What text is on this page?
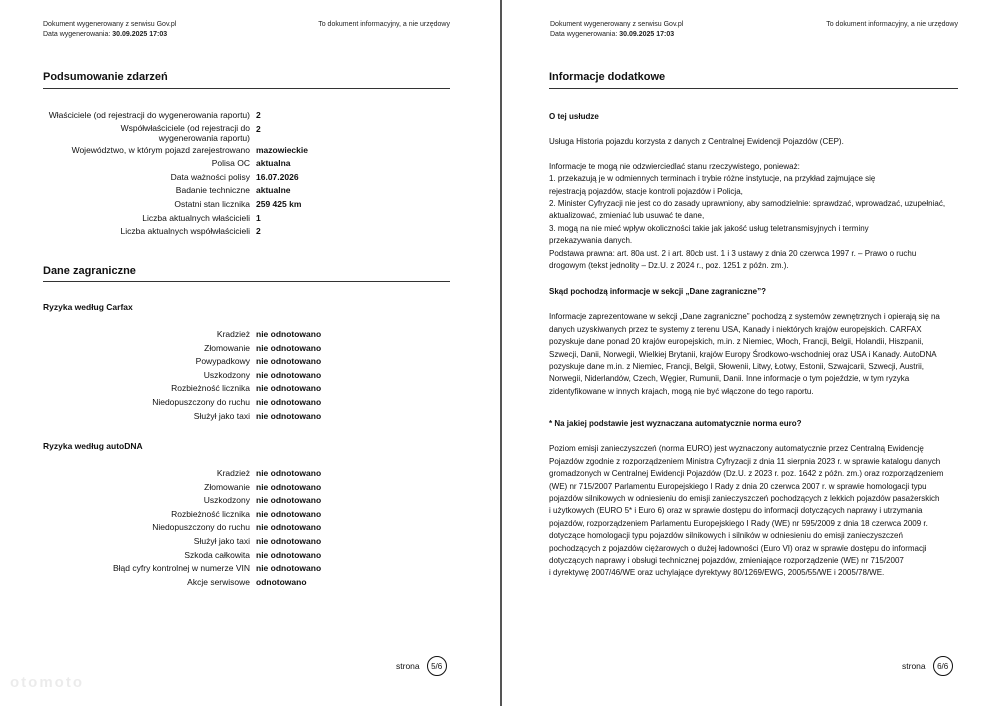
Dokument wygenerowany z serwisu Gov.pl
Data wygenerowania: 30.09.2025 17:03
To dokument informacyjny, a nie urzędowy
Podsumowanie zdarzeń
Właściciele (od rejestracji do wygenerowania raportu) 2
Współwłaściciele (od rejestracji do wygenerowania raportu)
2
Województwo, w którym pojazd zarejestrowano mazowieckie
Polisa OC aktualna
Data ważności polisy 16.07.2026
Badanie techniczne aktualne
Ostatni stan licznika 259 425 km
Liczba aktualnych właścicieli 1
Liczba aktualnych współwłaścicieli 2
Dane zagraniczne
Ryzyka według Carfax
Kradzież nie odnotowano
Złomowanie nie odnotowano
Powypadkowy nie odnotowano
Uszkodzony nie odnotowano
Rozbieżność licznika nie odnotowano
Niedopuszczony do ruchu nie odnotowano
Służył jako taxi nie odnotowano
Ryzyka według autoDNA
Kradzież nie odnotowano
Złomowanie nie odnotowano
Uszkodzony nie odnotowano
Rozbieżność licznika nie odnotowano
Niedopuszczony do ruchu nie odnotowano
Służył jako taxi nie odnotowano
Szkoda całkowita nie odnotowano
Błąd cyfry kontrolnej w numerze VIN nie odnotowano
Akcje serwisowe odnotowano
strona	5/6
otomoto
Dokument wygenerowany z serwisu Gov.pl
Data wygenerowania: 30.09.2025 17:03
To dokument informacyjny, a nie urzędowy
Informacje dodatkowe
strona	6/6

O tej usłudze

Usługa Historia pojazdu korzysta z danych z Centralnej Ewidencji Pojazdów (CEP).

Informacje te mogą nie odzwierciedlać stanu rzeczywistego, ponieważ:

1. przekazują je w odmiennych terminach i trybie różne instytucje, na przykład zajmujące się

rejestracją pojazdów, stacje kontroli pojazdów i Policja,

2. Minister Cyfryzacji nie jest co do zasady uprawniony, aby samodzielnie: sprawdzać, wprowadzać, uzupełniać,

aktualizować, zmieniać lub usuwać te dane,

3. mogą na nie mieć wpływ okoliczności takie jak jakość usług teletransmisyjnych i terminy

przekazywania danych.

Podstawa prawna: art. 80a ust. 2 i art. 80cb ust. 1 i 3 ustawy z dnia 20 czerwca 1997 r. – Prawo o ruchu

drogowym (tekst jednolity – Dz.U. z 2024 r., poz. 1251 z późn. zm.).

Skąd pochodzą informacje w sekcji „Dane zagraniczne”?

Informacje zaprezentowane w sekcji „Dane zagraniczne” pochodzą z systemów zewnętrznych i opierają się na

danych uzyskiwanych przez te systemy z terenu USA, Kanady i niektórych krajów europejskich. CARFAX

pozyskuje dane ponad 20 krajów europejskich, m.in. z Niemiec, Włoch, Francji, Belgii, Holandii, Hiszpanii,

Szwecji, Danii, Norwegii, Wielkiej Brytanii, krajów Europy Środkowo-wschodniej oraz USA i Kanady. AutoDNA

pozyskuje dane m.in. z Niemiec, Francji, Belgii, Słowenii, Litwy, Łotwy, Estonii, Szwajcarii, Szwecji, Austrii,

Norwegii, Niderlandów, Czech, Węgier, Rumunii, Danii. Inne informacje o tym pojeździe, w tym ryzyka

zidentyfikowane w innych krajach, mogą nie być włączone do tego raportu.

* Na jakiej podstawie jest wyznaczana automatycznie norma euro?

Poziom emisji zanieczyszczeń (norma EURO) jest wyznaczony automatycznie przez Centralną Ewidencję

Pojazdów zgodnie z rozporządzeniem Ministra Cyfryzacji z dnia 11 sierpnia 2023 r. w sprawie katalogu danych

gromadzonych w Centralnej Ewidencji Pojazdów (Dz.U. z 2023 r. poz. 1642 z późn. zm.) oraz rozporządzeniem

(WE) nr 715/2007 Parlamentu Europejskiego I Rady z dnia 20 czerwca 2007 r. w sprawie homologacji typu

pojazdów silnikowych w odniesieniu do emisji zanieczyszczeń pochodzących z lekkich pojazdów pasażerskich

i użytkowych (EURO 5* i Euro 6) oraz w sprawie dostępu do informacji dotyczących naprawy i utrzymania

pojazdów, rozporządzeniem Parlamentu Europejskiego I Rady (WE) nr 595/2009 z dnia 18 czerwca 2009 r.

dotyczące homologacji typu pojazdów silnikowych i silników w odniesieniu do emisji zanieczyszczeń

pochodzących z pojazdów ciężarowych o dużej ładowności (Euro VI) oraz w sprawie dostępu do informacji

dotyczących naprawy i obsługi technicznej pojazdów, zmieniające rozporządzenie (WE) nr 715/2007

i dyrektywę 2007/46/WE oraz uchylające dyrektywy 80/1269/EWG, 2005/55/WE i 2005/78/WE.
